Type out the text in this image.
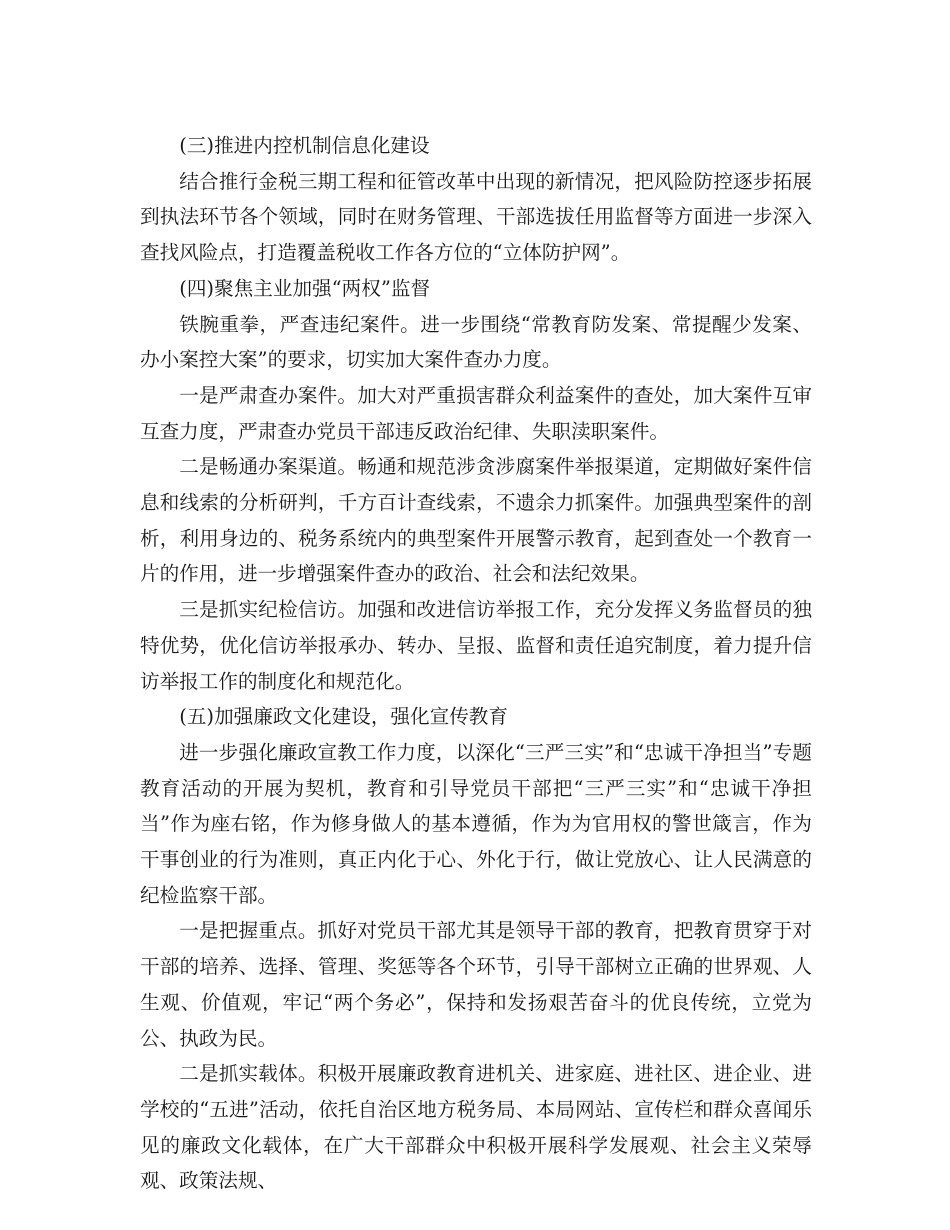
(三)推进内控机制信息化建设

结合推行金税三期工程和征管改革中出现的新情况，把风险防控逐步拓展到执法环节各个领域，同时在财务管理、干部选拔任用监督等方面进一步深入查找风险点，打造覆盖税收工作各方位的“立体防护网”。

(四)聚焦主业加强“两权”监督

铁腕重拳，严查违纪案件。进一步围绕“常教育防发案、常提醒少发案、办小案控大案”的要求，切实加大案件查办力度。

一是严肃查办案件。加大对严重损害群众利益案件的查处，加大案件互审互查力度，严肃查办党员干部违反政治纪律、失职渎职案件。

二是畅通办案渠道。畅通和规范涉贪涉腐案件举报渠道，定期做好案件信息和线索的分析研判，千方百计查线索，不遗余力抓案件。加强典型案件的剖析，利用身边的、税务系统内的典型案件开展警示教育，起到查处一个教育一片的作用，进一步增强案件查办的政治、社会和法纪效果。

三是抓实纪检信访。加强和改进信访举报工作，充分发挥义务监督员的独特优势，优化信访举报承办、转办、呈报、监督和责任追究制度，着力提升信访举报工作的制度化和规范化。

(五)加强廉政文化建设，强化宣传教育

进一步强化廉政宣教工作力度，以深化“三严三实”和“忠诚干净担当”专题教育活动的开展为契机，教育和引导党员干部把“三严三实”和“忠诚干净担当”作为座右铭，作为修身做人的基本遵循，作为为官用权的警世箴言，作为干事创业的行为准则，真正内化于心、外化于行，做让党放心、让人民满意的纪检监察干部。

一是把握重点。抓好对党员干部尤其是领导干部的教育，把教育贯穿于对干部的培养、选择、管理、奖惩等各个环节，引导干部树立正确的世界观、人生观、价值观，牢记“两个务必”，保持和发扬艰苦奋斗的优良传统，立党为公、执政为民。

二是抓实载体。积极开展廉政教育进机关、进家庭、进社区、进企业、进学校的“五进”活动，依托自治区地方税务局、本局网站、宣传栏和群众喜闻乐见的廉政文化载体，在广大干部群众中积极开展科学发展观、社会主义荣辱观、政策法规、
